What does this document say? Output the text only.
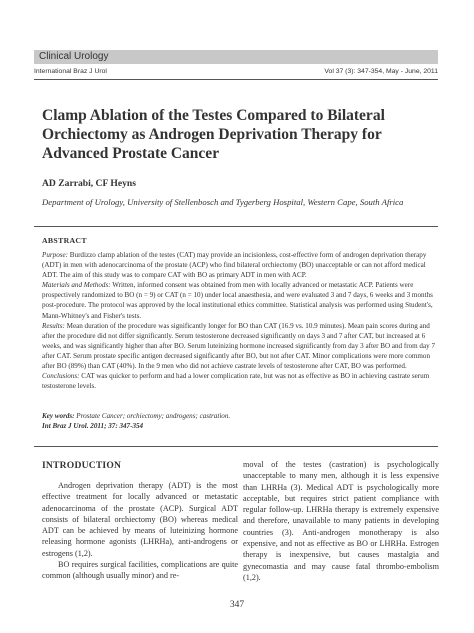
Clinical Urology
International Braz J Urol	Vol 37 (3): 347-354, May - June, 2011
Clamp Ablation of the Testes Compared to Bilateral Orchiectomy as Androgen Deprivation Therapy for Advanced Prostate Cancer
AD Zarrabi, CF Heyns
Department of Urology, University of Stellenbosch and Tygerberg Hospital, Western Cape, South Africa
ABSTRACT

Purpose: Burdizzo clamp ablation of the testes (CAT) may provide an incisionless, cost-effective form of androgen deprivation therapy (ADT) in men with adenocarcinoma of the prostate (ACP) who find bilateral orchiectomy (BO) unacceptable or can not afford medical ADT. The aim of this study was to compare CAT with BO as primary ADT in men with ACP.

Materials and Methods: Written, informed consent was obtained from men with locally advanced or metastatic ACP. Patients were prospectively randomized to BO (n = 9) or CAT (n = 10) under local anaesthesia, and were evaluated 3 and 7 days, 6 weeks and 3 months post-procedure. The protocol was approved by the local institutional ethics committee. Statistical analysis was performed using Student's, Mann-Whitney's and Fisher's tests.

Results: Mean duration of the procedure was significantly longer for BO than CAT (16.9 vs. 10.9 minutes). Mean pain scores during and after the procedure did not differ significantly. Serum testosterone decreased significantly on days 3 and 7 after CAT, but increased at 6 weeks, and was significantly higher than after BO. Serum luteinizing hormone increased significantly from day 3 after BO and from day 7 after CAT. Serum prostate specific antigen decreased significantly after BO, but not after CAT. Minor complications were more common after BO (89%) than CAT (40%). In the 9 men who did not achieve castrate levels of testosterone after CAT, BO was performed.

Conclusions: CAT was quicker to perform and had a lower complication rate, but was not as effective as BO in achieving castrate serum testosterone levels.

Key words: Prostate Cancer; orchiectomy; androgens; castration.
Int Braz J Urol. 2011; 37: 347-354
INTRODUCTION

Androgen deprivation therapy (ADT) is the most effective treatment for locally advanced or metastatic adenocarcinoma of the prostate (ACP). Surgical ADT consists of bilateral orchiectomy (BO) whereas medical ADT can be achieved by means of luteinizing hormone releasing hormone agonists (LHRHa), anti-androgens or estrogens (1,2).

BO requires surgical facilities, complications are quite common (although usually minor) and re-

moval of the testes (castration) is psychologically unacceptable to many men, although it is less expensive than LHRHa (3). Medical ADT is psychologically more acceptable, but requires strict patient compliance with regular follow-up. LHRHa therapy is extremely expensive and therefore, unavailable to many patients in developing countries (3). Anti-androgen monotherapy is also expensive, and not as effective as BO or LHRHa. Estrogen therapy is inexpensive, but causes mastalgia and gynecomastia and may cause fatal thrombo-embolism (1,2).

347
